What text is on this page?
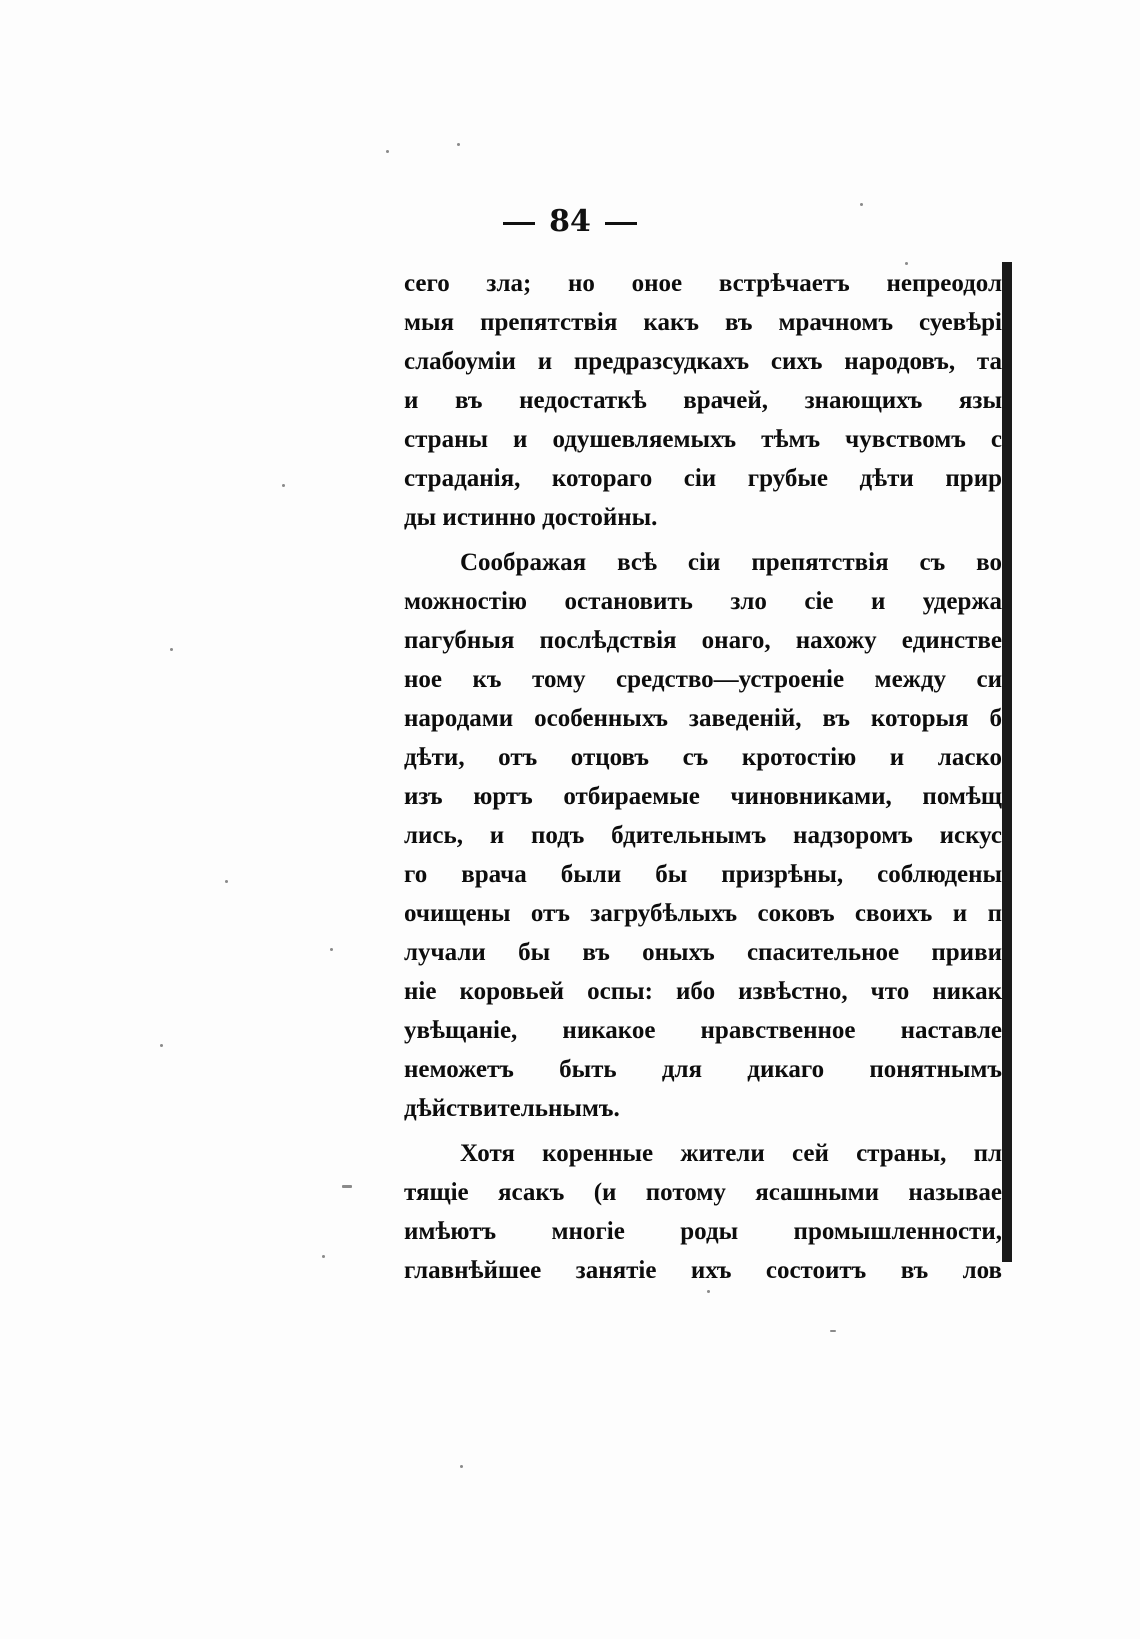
84
сего зла; но оное встрѣчаетъ непреодол
мыя препятствія какъ въ мрачномъ суевѣрі
слабоуміи и предразсудкахъ сихъ народовъ, та
и въ недостаткѣ врачей, знающихъ язы
страны и одушевляемыхъ тѣмъ чувствомъ с
страданія, котораго сіи грубые дѣти прир
ды истинно достойны.
Соображая всѣ сіи препятствія съ во
можностію остановить зло сіе и удержа
пагубныя послѣдствія онаго, нахожу единстве
ное къ тому средство—устроеніе между си
народами особенныхъ заведеній, въ которыя б
дѣти, отъ отцовъ съ кротостію и ласко
изъ юртъ отбираемые чиновниками, помѣщ
лись, и подъ бдительнымъ надзоромъ искус
го врача были бы призрѣны, соблюдены
очищены отъ загрубѣлыхъ соковъ своихъ и п
лучали бы въ оныхъ спасительное приви
ніе коровьей оспы: ибо извѣстно, что никак
увѣщаніе, никакое нравственное наставле
неможетъ быть для дикаго понятнымъ
дѣйствительнымъ.
Хотя коренные жители сей страны, пл
тящіе ясакъ (и потому ясашными называе
имѣютъ многіе роды промышленности,
главнѣйшее занятіе ихъ состоитъ въ лов
